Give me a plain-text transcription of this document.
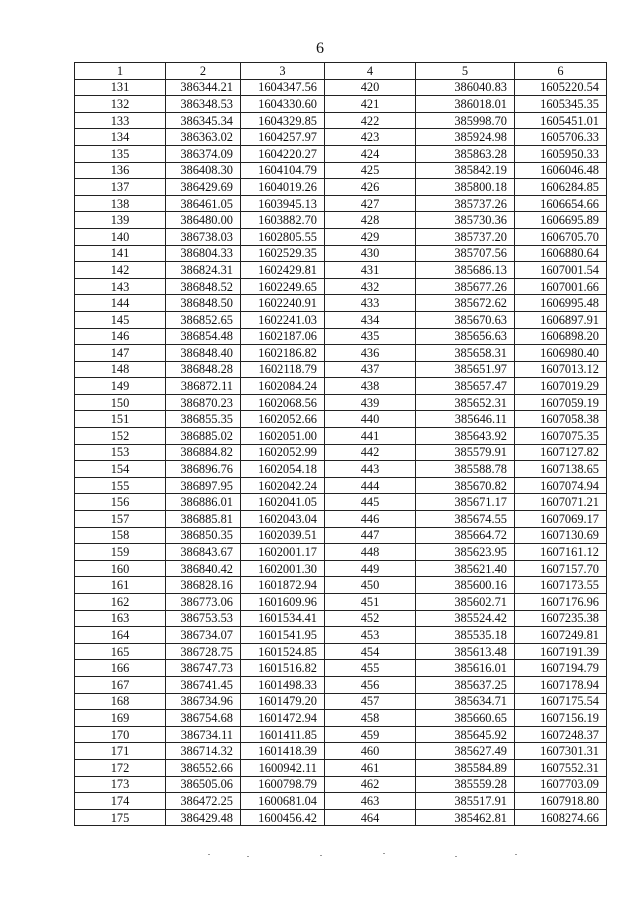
6
1	2	3	4	5	6
131	386344.21	1604347.56	420	386040.83	1605220.54
132	386348.53	1604330.60	421	386018.01	1605345.35
133	386345.34	1604329.85	422	385998.70	1605451.01
134	386363.02	1604257.97	423	385924.98	1605706.33
135	386374.09	1604220.27	424	385863.28	1605950.33
136	386408.30	1604104.79	425	385842.19	1606046.48
137	386429.69	1604019.26	426	385800.18	1606284.85
138	386461.05	1603945.13	427	385737.26	1606654.66
139	386480.00	1603882.70	428	385730.36	1606695.89
140	386738.03	1602805.55	429	385737.20	1606705.70
141	386804.33	1602529.35	430	385707.56	1606880.64
142	386824.31	1602429.81	431	385686.13	1607001.54
143	386848.52	1602249.65	432	385677.26	1607001.66
144	386848.50	1602240.91	433	385672.62	1606995.48
145	386852.65	1602241.03	434	385670.63	1606897.91
146	386854.48	1602187.06	435	385656.63	1606898.20
147	386848.40	1602186.82	436	385658.31	1606980.40
148	386848.28	1602118.79	437	385651.97	1607013.12
149	386872.11	1602084.24	438	385657.47	1607019.29
150	386870.23	1602068.56	439	385652.31	1607059.19
151	386855.35	1602052.66	440	385646.11	1607058.38
152	386885.02	1602051.00	441	385643.92	1607075.35
153	386884.82	1602052.99	442	385579.91	1607127.82
154	386896.76	1602054.18	443	385588.78	1607138.65
155	386897.95	1602042.24	444	385670.82	1607074.94
156	386886.01	1602041.05	445	385671.17	1607071.21
157	386885.81	1602043.04	446	385674.55	1607069.17
158	386850.35	1602039.51	447	385664.72	1607130.69
159	386843.67	1602001.17	448	385623.95	1607161.12
160	386840.42	1602001.30	449	385621.40	1607157.70
161	386828.16	1601872.94	450	385600.16	1607173.55
162	386773.06	1601609.96	451	385602.71	1607176.96
163	386753.53	1601534.41	452	385524.42	1607235.38
164	386734.07	1601541.95	453	385535.18	1607249.81
165	386728.75	1601524.85	454	385613.48	1607191.39
166	386747.73	1601516.82	455	385616.01	1607194.79
167	386741.45	1601498.33	456	385637.25	1607178.94
168	386734.96	1601479.20	457	385634.71	1607175.54
169	386754.68	1601472.94	458	385660.65	1607156.19
170	386734.11	1601411.85	459	385645.92	1607248.37
171	386714.32	1601418.39	460	385627.49	1607301.31
172	386552.66	1600942.11	461	385584.89	1607552.31
173	386505.06	1600798.79	462	385559.28	1607703.09
174	386472.25	1600681.04	463	385517.91	1607918.80
175	386429.48	1600456.42	464	385462.81	1608274.66
